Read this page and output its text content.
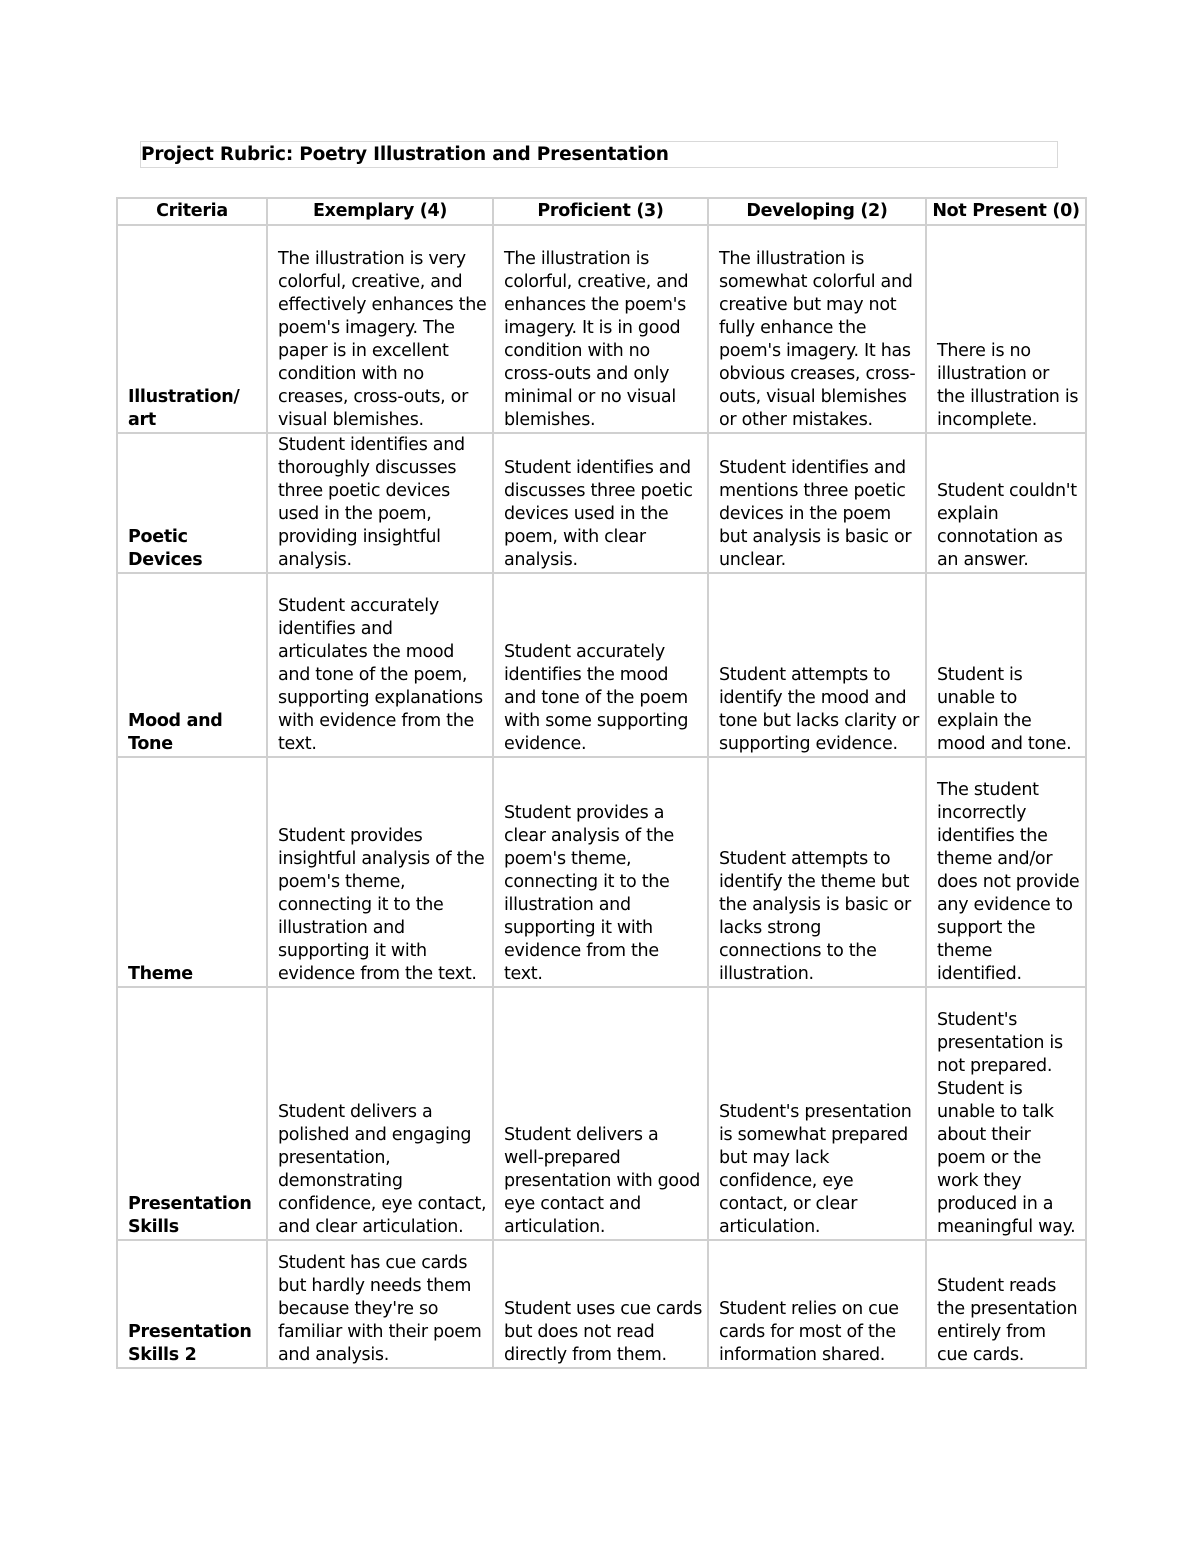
Project Rubric: Poetry Illustration and Presentation
Criteria	Exemplary (4)	Proficient (3)	Developing (2)	Not Present (0)
Illustration/ art	The illustration is very colorful, creative, and effectively enhances the poem's imagery. The paper is in excellent condition with no creases, cross-outs, or visual blemishes.	The illustration is colorful, creative, and enhances the poem's imagery. It is in good condition with no cross-outs and only minimal or no visual blemishes.	The illustration is somewhat colorful and creative but may not fully enhance the poem's imagery. It has obvious creases, cross-outs, visual blemishes or other mistakes.	There is no illustration or the illustration is incomplete.
Poetic Devices	Student identifies and thoroughly discusses three poetic devices used in the poem, providing insightful analysis.	Student identifies and discusses three poetic devices used in the poem, with clear analysis.	Student identifies and mentions three poetic devices in the poem but analysis is basic or unclear.	Student couldn't explain connotation as an answer.
Mood and Tone	Student accurately identifies and articulates the mood and tone of the poem, supporting explanations with evidence from the text.	Student accurately identifies the mood and tone of the poem with some supporting evidence.	Student attempts to identify the mood and tone but lacks clarity or supporting evidence.	Student is unable to explain the mood and tone.
Theme	Student provides insightful analysis of the poem's theme, connecting it to the illustration and supporting it with evidence from the text.	Student provides a clear analysis of the poem's theme, connecting it to the illustration and supporting it with evidence from the text.	Student attempts to identify the theme but the analysis is basic or lacks strong connections to the illustration.	The student incorrectly identifies the theme and/or does not provide any evidence to support the theme identified.
Presentation Skills	Student delivers a polished and engaging presentation, demonstrating confidence, eye contact, and clear articulation.	Student delivers a well-prepared presentation with good eye contact and articulation.	Student's presentation is somewhat prepared but may lack confidence, eye contact, or clear articulation.	Student's presentation is not prepared. Student is unable to talk about their poem or the work they produced in a meaningful way.
Presentation Skills 2	Student has cue cards but hardly needs them because they're so familiar with their poem and analysis.	Student uses cue cards but does not read directly from them.	Student relies on cue cards for most of the information shared.	Student reads the presentation entirely from cue cards.
